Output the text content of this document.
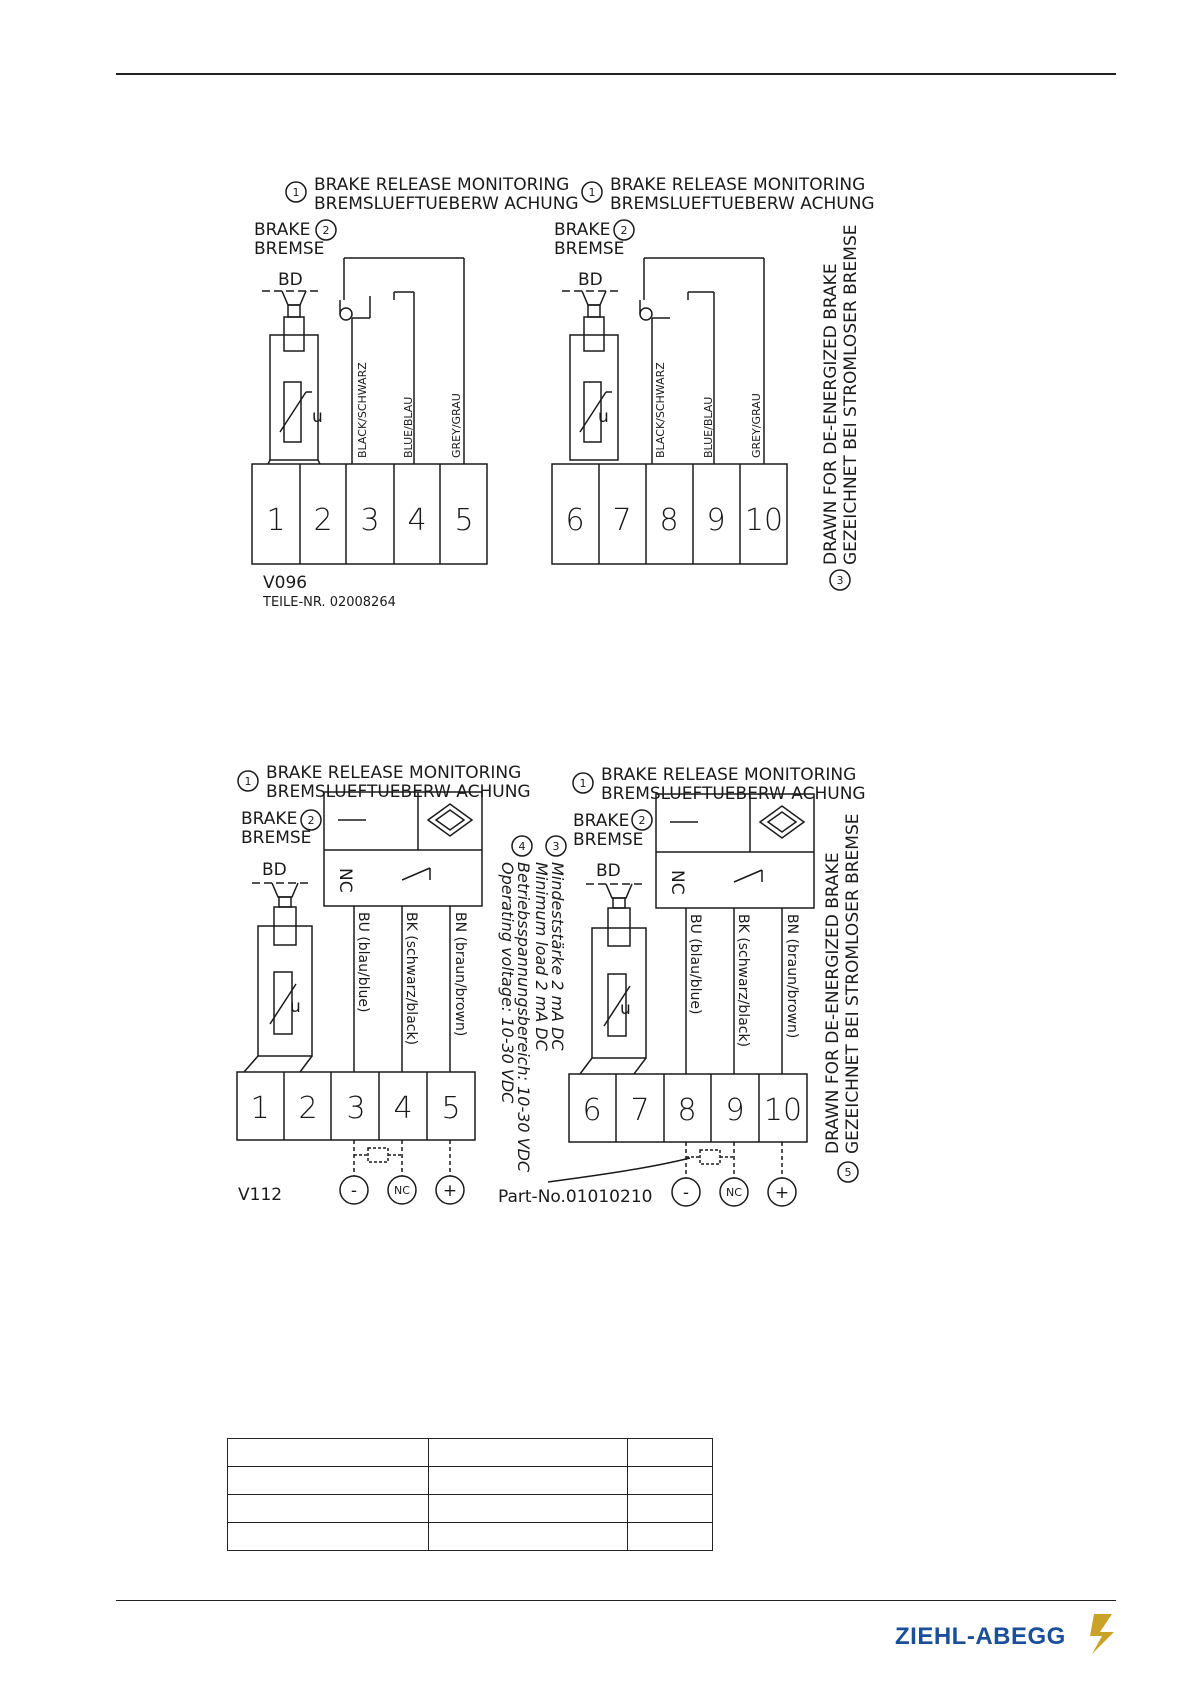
1 BRAKE RELEASE MONITORING
BREMSLUEFTUEBERW ACHUNG
1 BRAKE RELEASE MONITORING
BREMSLUEFTUEBERW ACHUNG
BRAKE
BREMSE
2
BD
u	BLACK/SCHWARZ	BLUE/BLAU	GREY/GRAU
1 2 3 4 5
V096
TEILE-NR. 02008264
BRAKE
BREMSE
2
BD
u	BLACK/SCHWARZ	BLUE/BLAU	GREY/GRAU
6 7 8 9 10 DRAWN FOR DE-ENERGIZED BRAKE GEZEICHNET BEI STROMLOSER BREMSE
3
1 BRAKE RELEASE MONITORING
BREMSLUEFTUEBERW ACHUNG	1 BRAKE RELEASE MONITORING
BREMSLUEFTUEBERW ACHUNG
BRAKE
BREMSE
2
BD
u
NC
BU (blau/blue) BK (schwarz/black) BN (braun/brown)
1 2 3 4 5
-	NC +
V112
4 3
Mindeststärke 2 mA DC
Minimum load 2 mA DC
Betriebsspannungsbereich: 10-30 VDC
Operating voltage: 10-30 VDC
Part-No.01010210
BRAKE
BREMSE
2
BD
u
NC
BU (blau/blue) BK (schwarz/black) BN (braun/brown)
6 7 8 9 10
-	NC +
DRAWN FOR DE-ENERGIZED BRAKE GEZEICHNET BEI STROMLOSER BREMSE
5

ZIEHL-ABEGG
